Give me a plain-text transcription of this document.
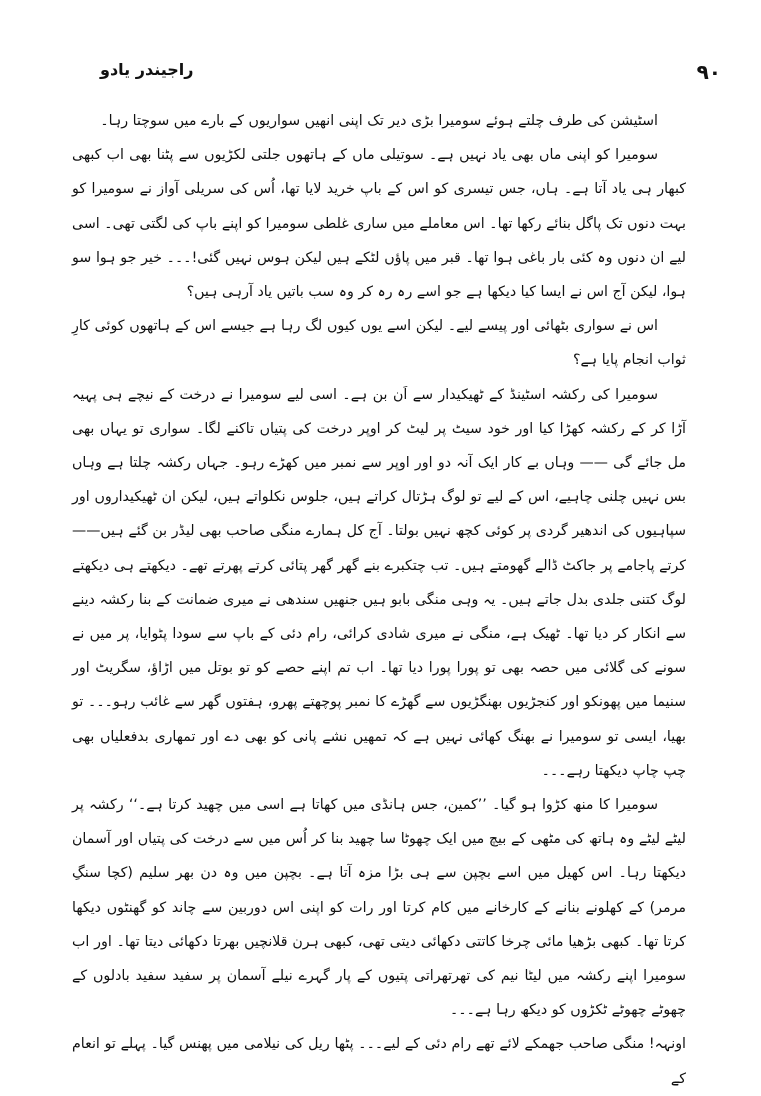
۹۰
راجیندر یادو

اسٹیشن کی طرف چلتے ہوئے سومیرا بڑی دیر تک اپنی انھیں سواریوں کے بارے میں سوچتا رہا۔

سومیرا کو اپنی ماں بھی یاد نہیں ہے۔ سوتیلی ماں کے ہاتھوں جلتی لکڑیوں سے پٹنا بھی اب کبھی کبھار ہی یاد آتا ہے۔ ہاں، جس تیسری کو اس کے باپ خرید لایا تھا، اُس کی سریلی آواز نے سومیرا کو بہت دنوں تک پاگل بنائے رکھا تھا۔ اس معاملے میں ساری غلطی سومیرا کو اپنے باپ کی لگتی تھی۔ اسی لیے ان دنوں وہ کئی بار باغی ہوا تھا۔ قبر میں پاؤں لٹکے ہیں لیکن ہوس نہیں گئی!۔۔۔ خیر جو ہوا سو ہوا، لیکن آج اس نے ایسا کیا دیکھا ہے جو اسے رہ رہ کر وہ سب باتیں یاد آرہی ہیں؟

اس نے سواری بٹھائی اور پیسے لیے۔ لیکن اسے یوں کیوں لگ رہا ہے جیسے اس کے ہاتھوں کوئی کارِ ثواب انجام پایا ہے؟

سومیرا کی رکشہ اسٹینڈ کے ٹھیکیدار سے اَن بن ہے۔ اسی لیے سومیرا نے درخت کے نیچے ہی پہیہ آڑا کر کے رکشہ کھڑا کیا اور خود سیٹ پر لیٹ کر اوپر درخت کی پتیاں تاکنے لگا۔ سواری تو یہاں بھی مل جائے گی —— وہاں بے کار ایک آنہ دو اور اوپر سے نمبر میں کھڑے رہو۔ جہاں رکشہ چلتا ہے وہاں بس نہیں چلنی چاہیے، اس کے لیے تو لوگ ہڑتال کراتے ہیں، جلوس نکلواتے ہیں، لیکن ان ٹھیکیداروں اور سپاہیوں کی اندھیر گردی پر کوئی کچھ نہیں بولتا۔ آج کل ہمارے منگی صاحب بھی لیڈر بن گئے ہیں—— کرتے پاجامے پر جاکٹ ڈالے گھومتے ہیں۔ تب چتکبرے بنے گھر گھر پتائی کرتے پھرتے تھے۔ دیکھتے ہی دیکھتے لوگ کتنی جلدی بدل جاتے ہیں۔ یہ وہی منگی بابو ہیں جنھیں سندھی نے میری ضمانت کے بنا رکشہ دینے سے انکار کر دیا تھا۔ ٹھیک ہے، منگی نے میری شادی کرائی، رام دئی کے باپ سے سودا پٹوایا، پر میں نے سونے کی گلائی میں حصہ بھی تو پورا پورا دیا تھا۔ اب تم اپنے حصے کو تو بوتل میں اڑاؤ، سگریٹ اور سنیما میں پھونکو اور کنجڑیوں بھنگڑیوں سے گھڑے کا نمبر پوچھتے پھرو، ہفتوں گھر سے غائب رہو۔۔۔ تو بھیا، ایسی تو سومیرا نے بھنگ کھائی نہیں ہے کہ تمھیں نشے پانی کو بھی دے اور تمھاری بدفعلیاں بھی چپ چاپ دیکھتا رہے۔۔۔

سومیرا کا منھ کڑوا ہو گیا۔ ’’کمین، جس ہانڈی میں کھاتا ہے اسی میں چھید کرتا ہے۔‘‘ رکشہ پر لیٹے لیٹے وہ ہاتھ کی مٹھی کے بیچ میں ایک چھوٹا سا چھید بنا کر اُس میں سے درخت کی پتیاں اور آسمان دیکھتا رہا۔ اس کھیل میں اسے بچپن سے ہی بڑا مزہ آتا ہے۔ بچپن میں وہ دن بھر سلیم (کچا سنگِ مرمر) کے کھلونے بنانے کے کارخانے میں کام کرتا اور رات کو اپنی اس دوربین سے چاند کو گھنٹوں دیکھا کرتا تھا۔ کبھی بڑھیا مائی چرخا کاتتی دکھائی دیتی تھی، کبھی ہرن قلانچیں بھرتا دکھائی دیتا تھا۔ اور اب سومیرا اپنے رکشہ میں لیٹا نیم کی تھرتھراتی پتیوں کے پار گہرے نیلے آسمان پر سفید سفید بادلوں کے چھوٹے چھوٹے ٹکڑوں کو دیکھ رہا ہے۔۔۔

اونہہ! منگی صاحب جھمکے لائے تھے رام دئی کے لیے۔۔۔ پٹھا ریل کی نیلامی میں پھنس گیا۔ پہلے تو انعام کے
